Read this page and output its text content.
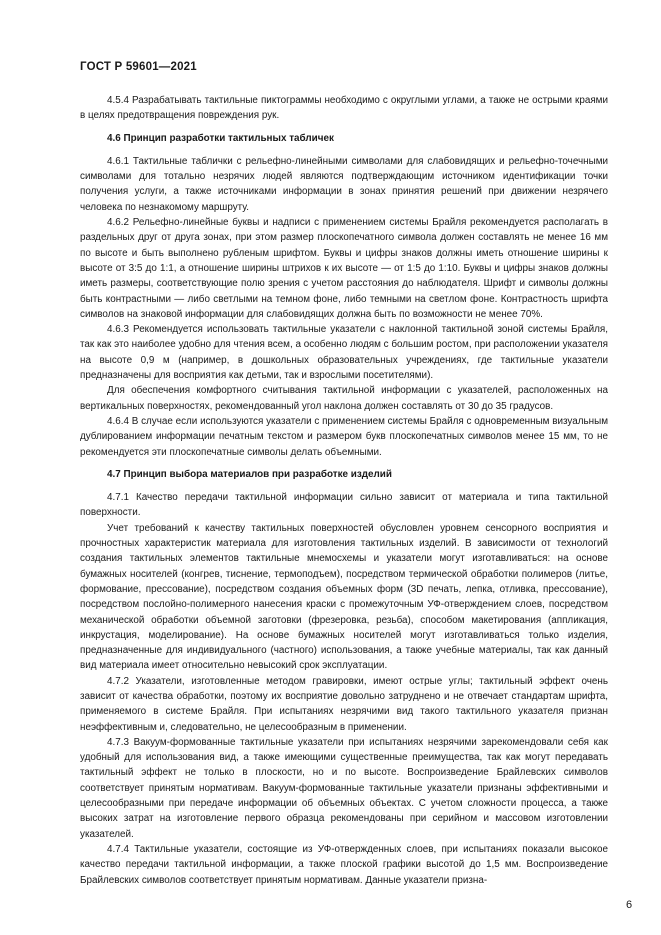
ГОСТ Р 59601—2021

4.5.4 Разрабатывать тактильные пиктограммы необходимо с округлыми углами, а также не острыми краями в целях предотвращения повреждения рук.

4.6 Принцип разработки тактильных табличек

4.6.1 Тактильные таблички с рельефно-линейными символами для слабовидящих и рельефно-точечными символами для тотально незрячих людей являются подтверждающим источником идентификации точки получения услуги, а также источниками информации в зонах принятия решений при движении незрячего человека по незнакомому маршруту.

4.6.2 Рельефно-линейные буквы и надписи с применением системы Брайля рекомендуется располагать в раздельных друг от друга зонах, при этом размер плоскопечатного символа должен составлять не менее 16 мм по высоте и быть выполнено рубленым шрифтом. Буквы и цифры знаков должны иметь отношение ширины к высоте от 3:5 до 1:1, а отношение ширины штрихов к их высоте — от 1:5 до 1:10. Буквы и цифры знаков должны иметь размеры, соответствующие полю зрения с учетом расстояния до наблюдателя. Шрифт и символы должны быть контрастными — либо светлыми на темном фоне, либо темными на светлом фоне. Контрастность шрифта символов на знаковой информации для слабовидящих должна быть по возможности не менее 70%.

4.6.3 Рекомендуется использовать тактильные указатели с наклонной тактильной зоной системы Брайля, так как это наиболее удобно для чтения всем, а особенно людям с большим ростом, при расположении указателя на высоте 0,9 м (например, в дошкольных образовательных учреждениях, где тактильные указатели предназначены для восприятия как детьми, так и взрослыми посетителями).

Для обеспечения комфортного считывания тактильной информации с указателей, расположенных на вертикальных поверхностях, рекомендованный угол наклона должен составлять от 30 до 35 градусов.

4.6.4 В случае если используются указатели с применением системы Брайля с одновременным визуальным дублированием информации печатным текстом и размером букв плоскопечатных символов менее 15 мм, то не рекомендуется эти плоскопечатные символы делать объемными.

4.7 Принцип выбора материалов при разработке изделий

4.7.1 Качество передачи тактильной информации сильно зависит от материала и типа тактильной поверхности.

Учет требований к качеству тактильных поверхностей обусловлен уровнем сенсорного восприятия и прочностных характеристик материала для изготовления тактильных изделий. В зависимости от технологий создания тактильных элементов тактильные мнемосхемы и указатели могут изготавливаться: на основе бумажных носителей (конгрев, тиснение, термоподъем), посредством термической обработки полимеров (литье, формование, прессование), посредством создания объемных форм (3D печать, лепка, отливка, прессование), посредством послойно-полимерного нанесения краски с промежуточным УФ-отверждением слоев, посредством механической обработки объемной заготовки (фрезеровка, резьба), способом макетирования (аппликация, инкрустация, моделирование). На основе бумажных носителей могут изготавливаться только изделия, предназначенные для индивидуального (частного) использования, а также учебные материалы, так как данный вид материала имеет относительно невысокий срок эксплуатации.

4.7.2 Указатели, изготовленные методом гравировки, имеют острые углы; тактильный эффект очень зависит от качества обработки, поэтому их восприятие довольно затруднено и не отвечает стандартам шрифта, применяемого в системе Брайля. При испытаниях незрячими вид такого тактильного указателя признан неэффективным и, следовательно, не целесообразным в применении.

4.7.3 Вакуум-формованные тактильные указатели при испытаниях незрячими зарекомендовали себя как удобный для использования вид, а также имеющими существенные преимущества, так как могут передавать тактильный эффект не только в плоскости, но и по высоте. Воспроизведение Брайлевских символов соответствует принятым нормативам. Вакуум-формованные тактильные указатели признаны эффективными и целесообразными при передаче информации об объемных объектах. С учетом сложности процесса, а также высоких затрат на изготовление первого образца рекомендованы при серийном и массовом изготовлении указателей.

4.7.4 Тактильные указатели, состоящие из УФ-отвержденных слоев, при испытаниях показали высокое качество передачи тактильной информации, а также плоской графики высотой до 1,5 мм. Воспроизведение Брайлевских символов соответствует принятым нормативам. Данные указатели призна-

6
